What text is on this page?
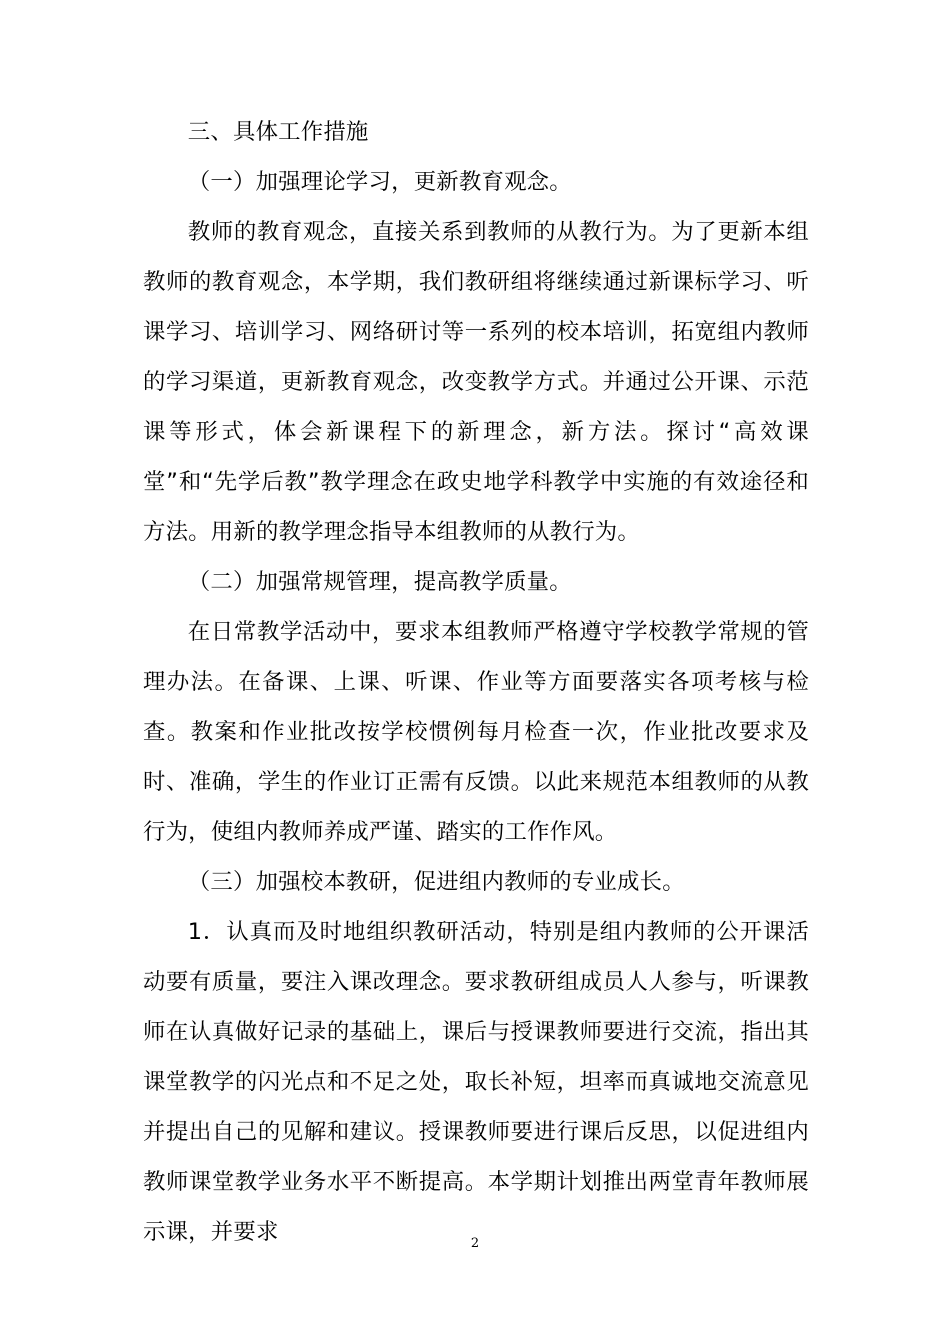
三、具体工作措施

（一）加强理论学习，更新教育观念。

教师的教育观念，直接关系到教师的从教行为。为了更新本组教师的教育观念，本学期，我们教研组将继续通过新课标学习、听课学习、培训学习、网络研讨等一系列的校本培训，拓宽组内教师的学习渠道，更新教育观念，改变教学方式。并通过公开课、示范课等形式，体会新课程下的新理念，新方法。探讨“高效课堂”和“先学后教”教学理念在政史地学科教学中实施的有效途径和方法。用新的教学理念指导本组教师的从教行为。

（二）加强常规管理，提高教学质量。

在日常教学活动中，要求本组教师严格遵守学校教学常规的管理办法。在备课、上课、听课、作业等方面要落实各项考核与检查。教案和作业批改按学校惯例每月检查一次，作业批改要求及时、准确，学生的作业订正需有反馈。以此来规范本组教师的从教行为，使组内教师养成严谨、踏实的工作作风。

（三）加强校本教研，促进组内教师的专业成长。

1．认真而及时地组织教研活动，特别是组内教师的公开课活动要有质量，要注入课改理念。要求教研组成员人人参与，听课教师在认真做好记录的基础上，课后与授课教师要进行交流，指出其课堂教学的闪光点和不足之处，取长补短，坦率而真诚地交流意见并提出自己的见解和建议。授课教师要进行课后反思，以促进组内教师课堂教学业务水平不断提高。本学期计划推出两堂青年教师展示课，并要求	2
